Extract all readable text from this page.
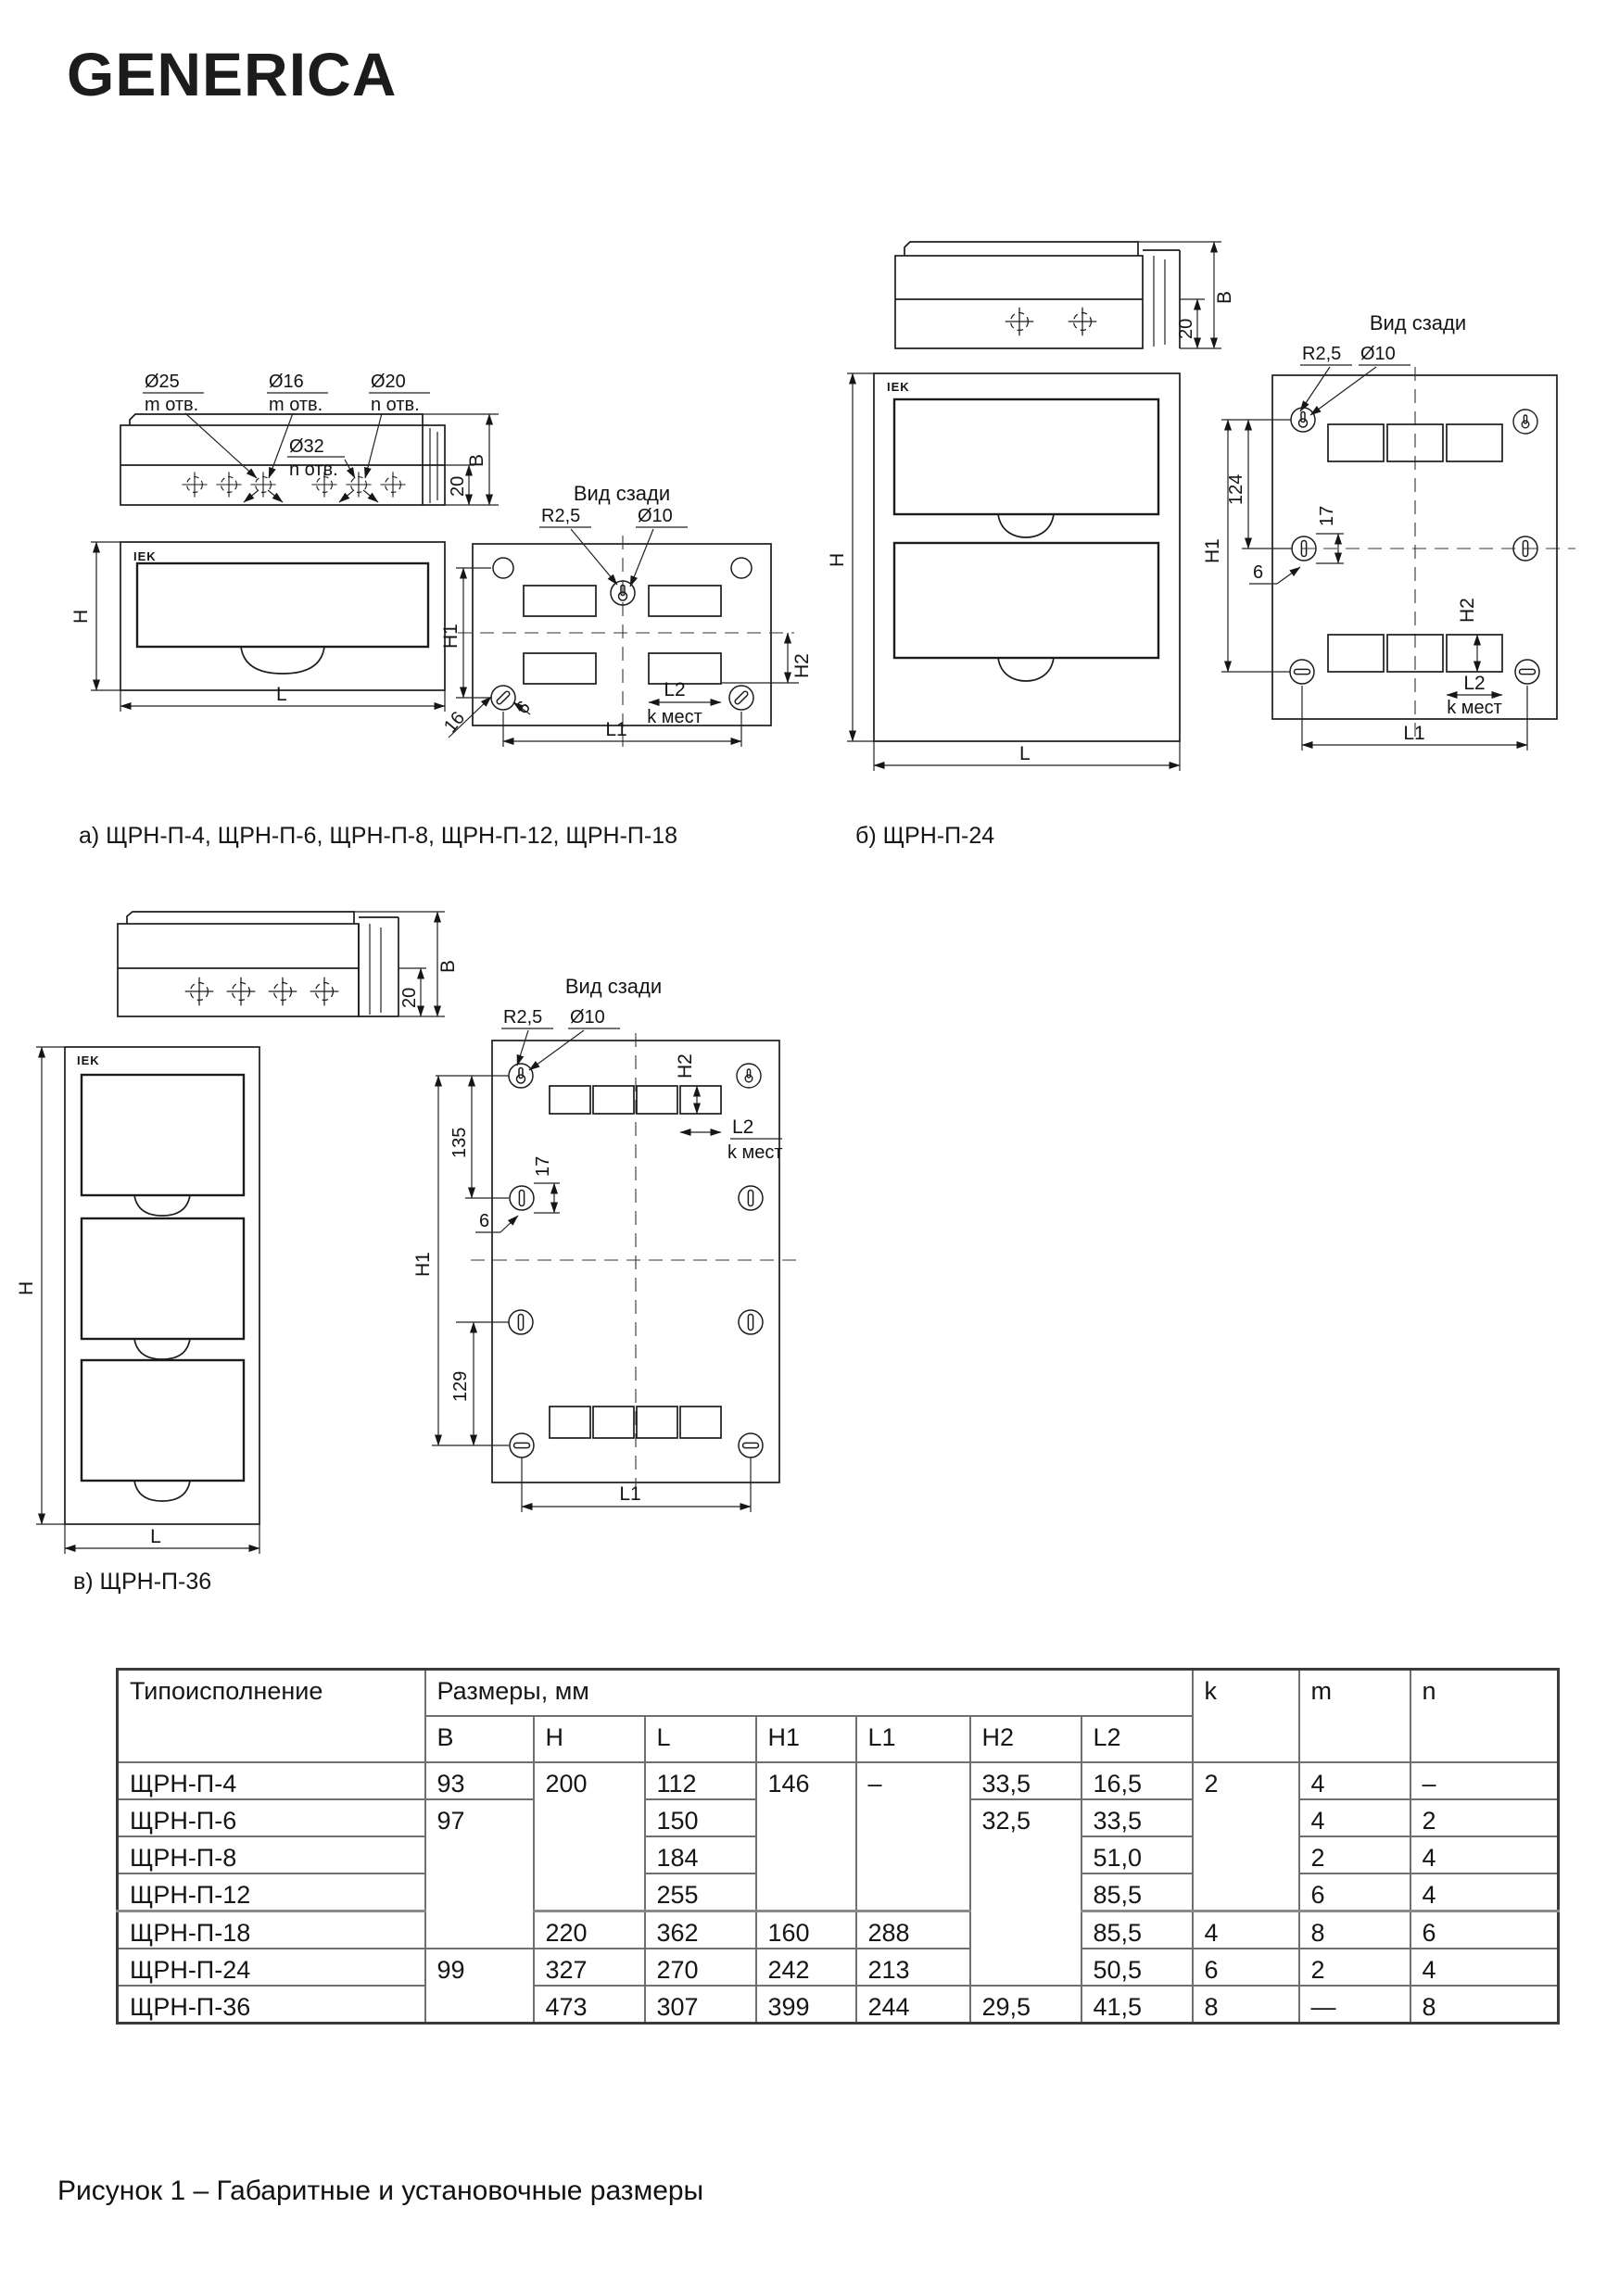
GENERICA
Ø25
m отв.
Ø16
m отв.
Ø20
n отв.
Ø32
n отв.
20
B
IEK
H
L
Вид сзади
R2,5	Ø10
H1
H2
L2
k мест
L1
16
6
а) ЩРН-П-4, ЩРН-П-6, ЩРН-П-8, ЩРН-П-12, ЩРН-П-18
20
B
IEK
H
L
Вид сзади
R2,5 Ø10
124
H1
17
6
H2
L2
k мест
L1
б) ЩРН-П-24
20
B
IEK
H
L
Вид сзади
R2,5 Ø10
H2
L2
k мест
135
17
6
129
H1
L1
в) ЩРН-П-36
Типоисполнение	Размеры, мм							k	m	n
	B	H	L	H1	L1	H2	L2			
ЩРН-П-4	93	200	112	146	–	33,5	16,5	2	4	–
ЩРН-П-6	97		150			32,5	33,5		4	2
ЩРН-П-8			184				51,0		2	4
ЩРН-П-12			255				85,5		6	4
ЩРН-П-18		220	362	160	288		85,5	4	8	6
ЩРН-П-24	99	327	270	242	213		50,5	6	2	4
ЩРН-П-36		473	307	399	244	29,5	41,5	8	—	8
Рисунок 1 – Габаритные и установочные размеры
